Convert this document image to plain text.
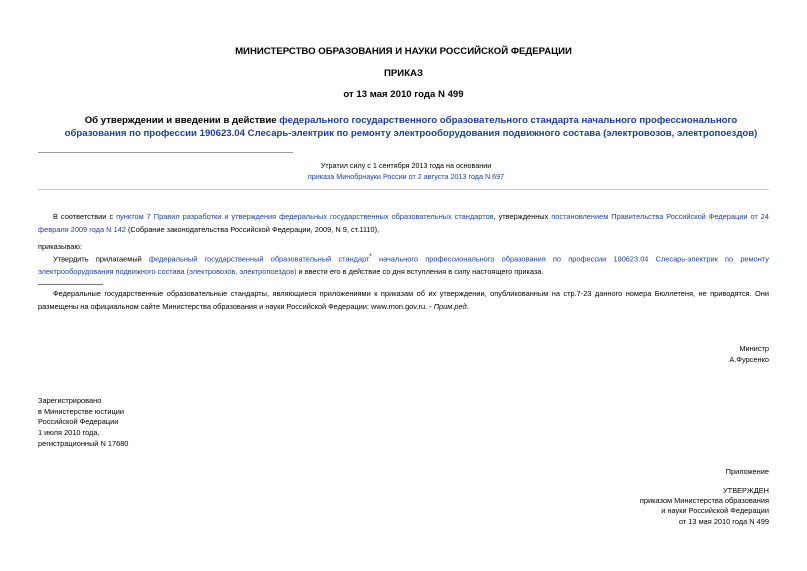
МИНИСТЕРСТВО ОБРАЗОВАНИЯ И НАУКИ РОССИЙСКОЙ ФЕДЕРАЦИИ
ПРИКАЗ
от 13 мая 2010 года N 499
Об утверждении и введении в действие федерального государственного образовательного стандарта начального профессионального образования по профессии 190623.04 Слесарь-электрик по ремонту электрооборудования подвижного состава (электровозов, электропоездов)
Утратил силу с 1 сентября 2013 года на основании
приказа Минобрнауки России от 2 августа 2013 года N 697
В соответствии с пунктом 7 Правил разработки и утверждения федеральных государственных образовательных стандартов, утвержденных постановлением Правительства Российской Федерации от 24 февраля 2009 года N 142 (Собрание законодательства Российской Федерации, 2009, N 9, ст.1110),
приказываю:
Утвердить прилагаемый федеральный государственный образовательный стандарт* начального профессионального образования по профессии 190623.04 Слесарь-электрик по ремонту электрооборудования подвижного состава (электровозов, электропоездов) и ввести его в действие со дня вступления в силу настоящего приказа.
Федеральные государственные образовательные стандарты, являющиеся приложениями к приказам об их утверждении, опубликованным на стр.7-23 данного номера Бюллетеня, не приводятся. Они размещены на официальном сайте Министерства образования и науки Российской Федерации: www.mon.gov.ru. - Прим.ред.
Министр
А.Фурсенко
Зарегистрировано
в Министерстве юстиции
Российской Федерации
1 июля 2010 года,
регистрационный N 17680
Приложение
УТВЕРЖДЕН
приказом Министерства образования
и науки Российской Федерации
от 13 мая 2010 года N 499
